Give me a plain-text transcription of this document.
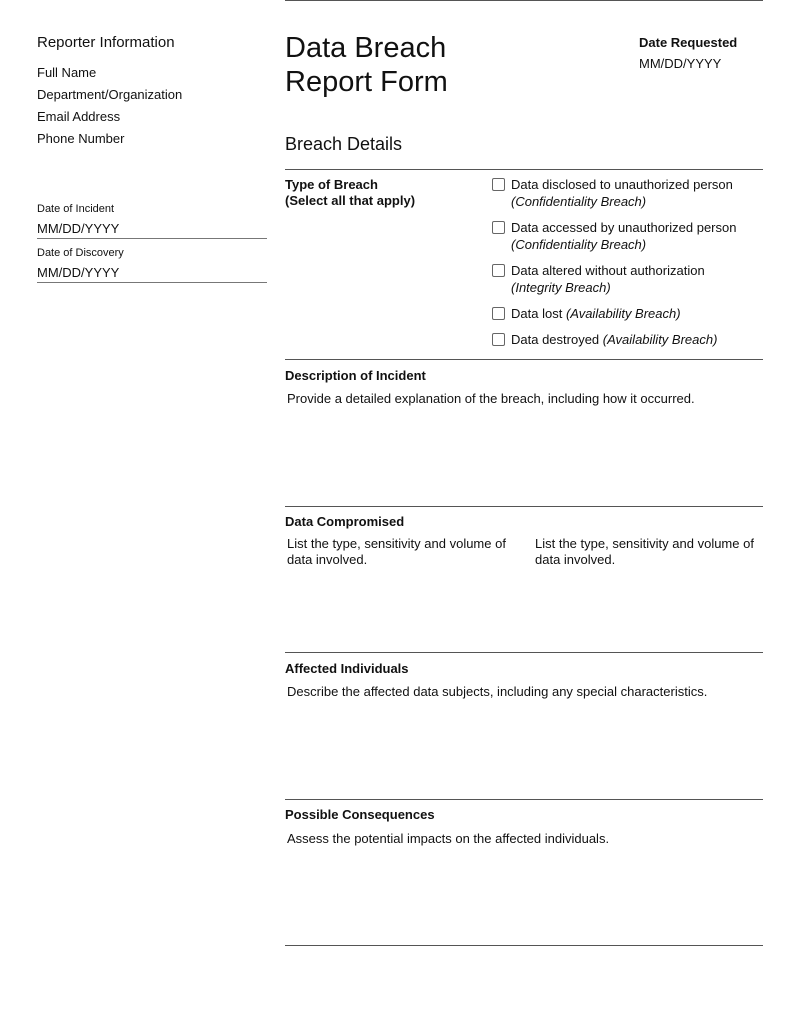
Reporter Information
Full Name
Department/Organization
Email Address
Phone Number
Date of Incident
MM/DD/YYYY
Date of Discovery
MM/DD/YYYY
Data Breach
Report Form
Date Requested
MM/DD/YYYY
Breach Details
Type of Breach
(Select all that apply)
Data disclosed to unauthorized person
(Confidentiality Breach)
Data accessed by unauthorized person
(Confidentiality Breach)
Data altered without authorization
(Integrity Breach)
Data lost (Availability Breach)
Data destroyed (Availability Breach)
Description of Incident
Provide a detailed explanation of the breach, including how it occurred.
Data Compromised
List the type, sensitivity and volume of data involved.
List the type, sensitivity and volume of data involved.
Affected Individuals
Describe the affected data subjects, including any special characteristics.
Possible Consequences
Assess the potential impacts on the affected individuals.
